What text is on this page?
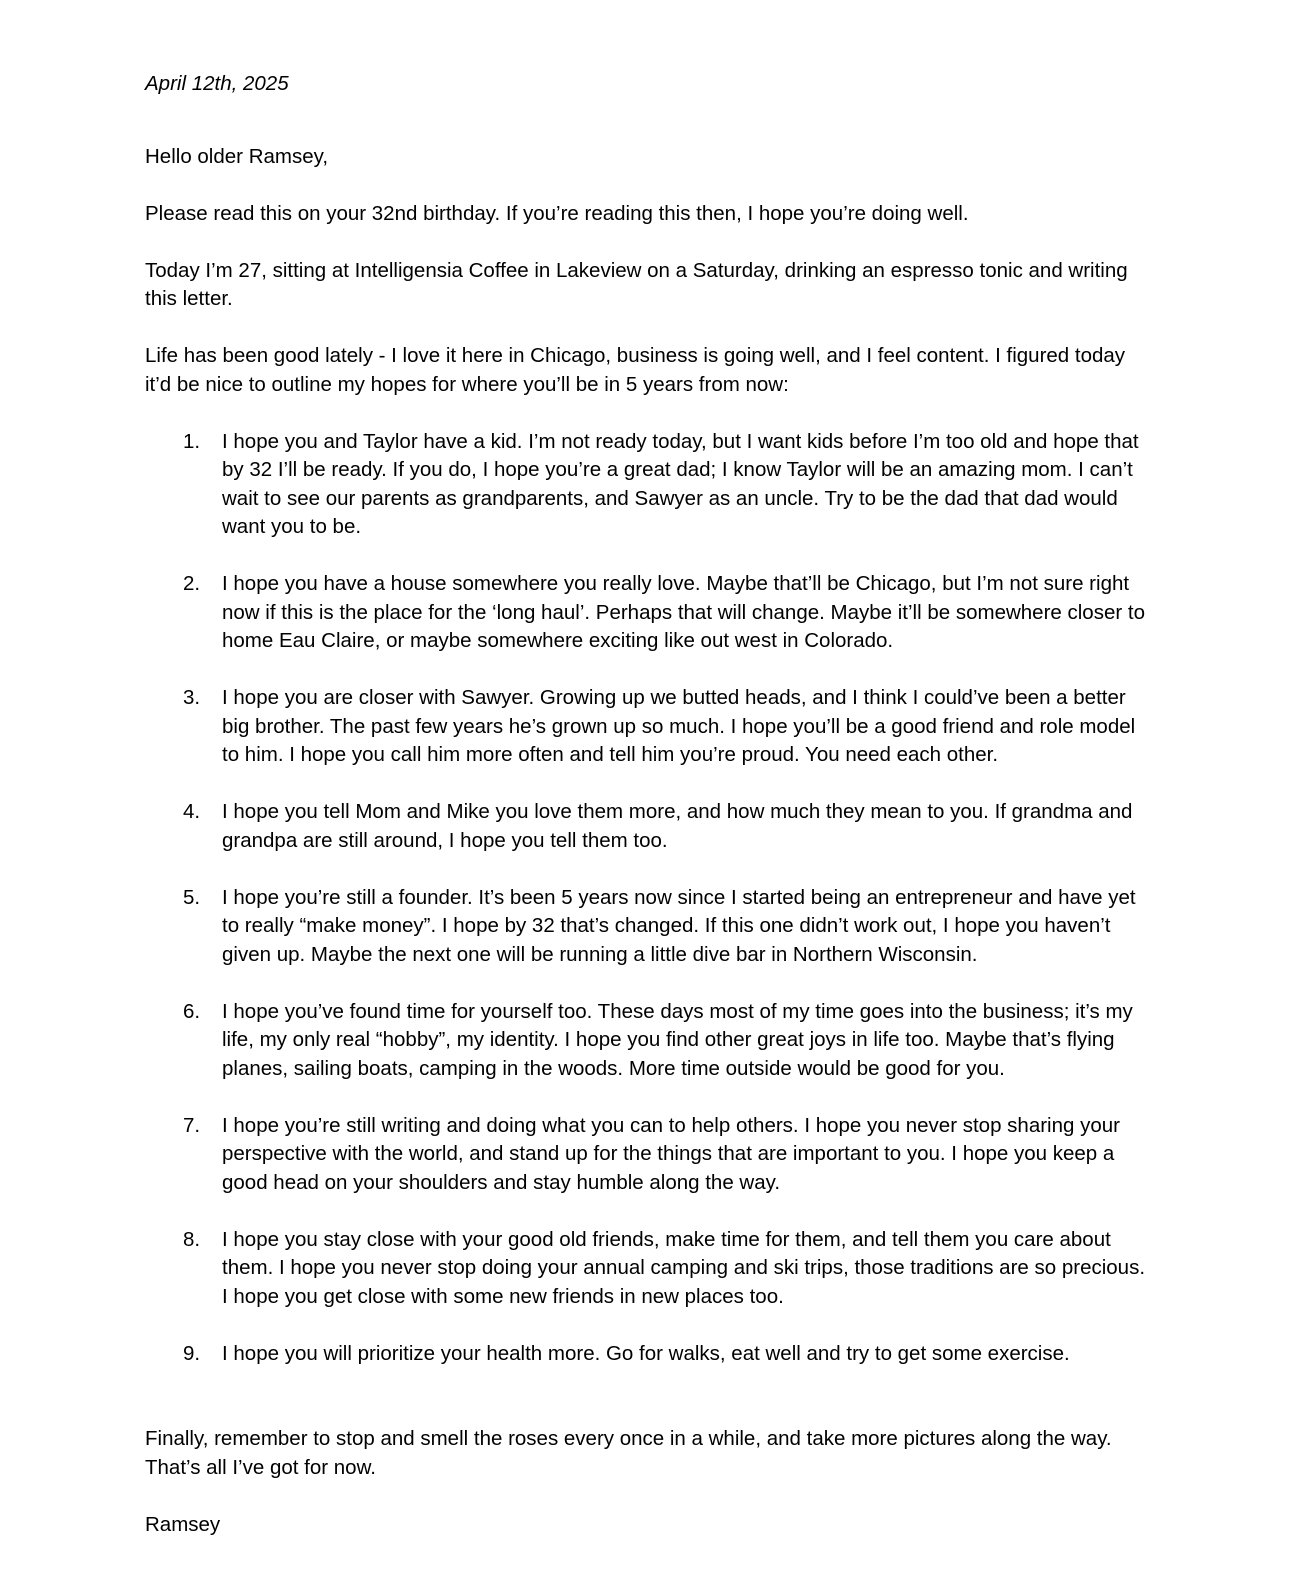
April 12th, 2025

Hello older Ramsey,

Please read this on your 32nd birthday. If you’re reading this then, I hope you’re doing well.

Today I’m 27, sitting at Intelligensia Coffee in Lakeview on a Saturday, drinking an espresso tonic and writing this letter.

Life has been good lately - I love it here in Chicago, business is going well, and I feel content. I figured today it’d be nice to outline my hopes for where you’ll be in 5 years from now:

1.	I hope you and Taylor have a kid. I’m not ready today, but I want kids before I’m too old and hope that by 32 I’ll be ready. If you do, I hope you’re a great dad; I know Taylor will be an amazing mom. I can’t wait to see our parents as grandparents, and Sawyer as an uncle. Try to be the dad that dad would want you to be.
2.	I hope you have a house somewhere you really love. Maybe that’ll be Chicago, but I’m not sure right now if this is the place for the ‘long haul’. Perhaps that will change. Maybe it’ll be somewhere closer to home Eau Claire, or maybe somewhere exciting like out west in Colorado.
3.	I hope you are closer with Sawyer. Growing up we butted heads, and I think I could’ve been a better big brother. The past few years he’s grown up so much. I hope you’ll be a good friend and role model to him. I hope you call him more often and tell him you’re proud. You need each other.
4.	I hope you tell Mom and Mike you love them more, and how much they mean to you. If grandma and grandpa are still around, I hope you tell them too.
5.	I hope you’re still a founder. It’s been 5 years now since I started being an entrepreneur and have yet to really “make money”. I hope by 32 that’s changed. If this one didn’t work out, I hope you haven’t given up. Maybe the next one will be running a little dive bar in Northern Wisconsin.
6.	I hope you’ve found time for yourself too. These days most of my time goes into the business; it’s my life, my only real “hobby”, my identity. I hope you find other great joys in life too. Maybe that’s flying planes, sailing boats, camping in the woods. More time outside would be good for you.
7.	I hope you’re still writing and doing what you can to help others. I hope you never stop sharing your perspective with the world, and stand up for the things that are important to you. I hope you keep a good head on your shoulders and stay humble along the way.
8.	I hope you stay close with your good old friends, make time for them, and tell them you care about them. I hope you never stop doing your annual camping and ski trips, those traditions are so precious. I hope you get close with some new friends in new places too.
9.	I hope you will prioritize your health more. Go for walks, eat well and try to get some exercise.

Finally, remember to stop and smell the roses every once in a while, and take more pictures along the way. That’s all I’ve got for now.

Ramsey
